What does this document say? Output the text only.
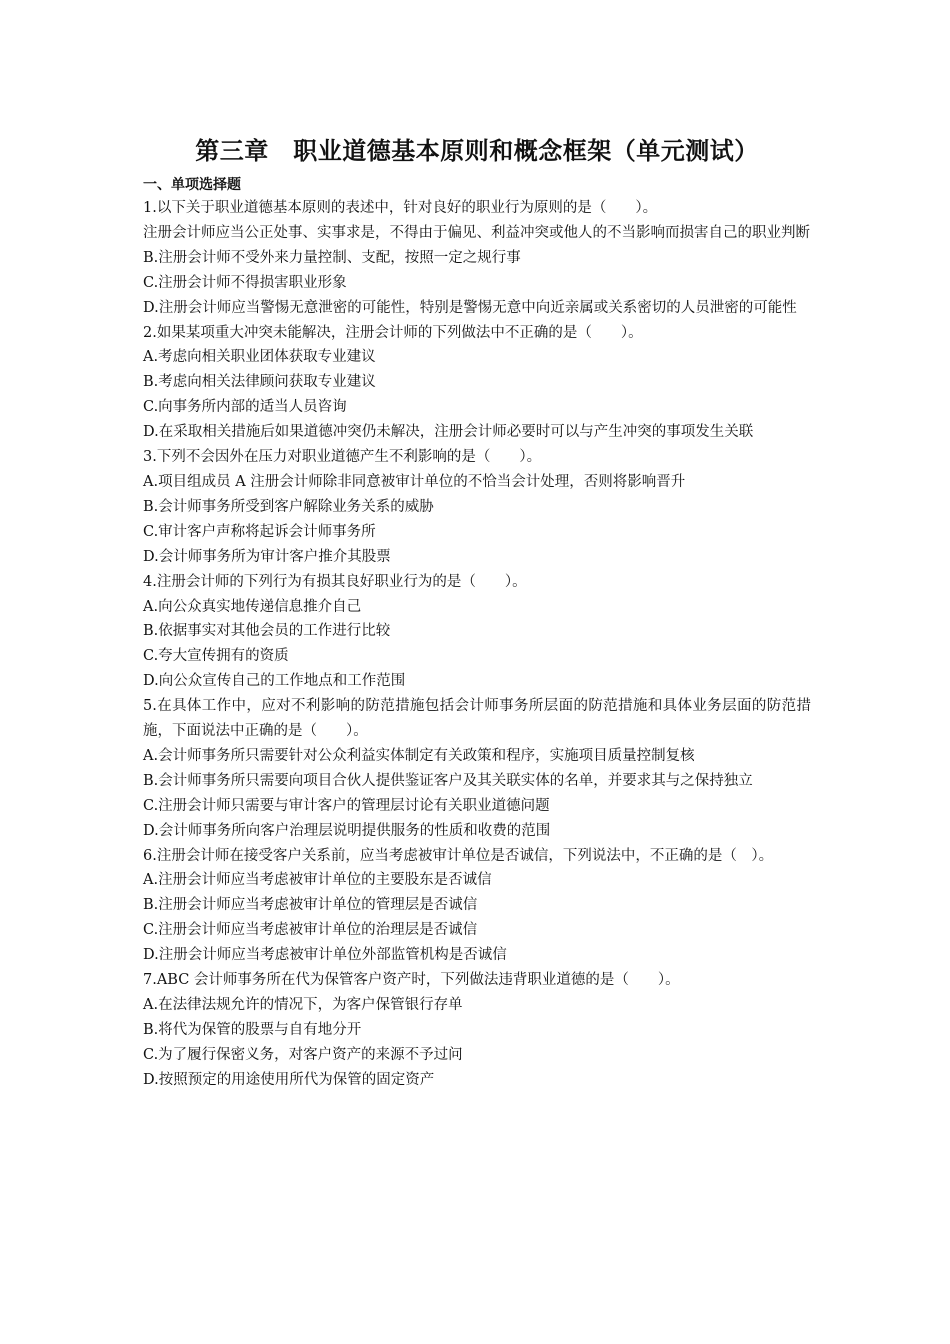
第三章　职业道德基本原则和概念框架（单元测试）
一、单项选择题

1.以下关于职业道德基本原则的表述中，针对良好的职业行为原则的是（　　）。

注册会计师应当公正处事、实事求是，不得由于偏见、利益冲突或他人的不当影响而损害自己的职业判断

B.注册会计师不受外来力量控制、支配，按照一定之规行事

C.注册会计师不得损害职业形象

D.注册会计师应当警惕无意泄密的可能性，特别是警惕无意中向近亲属或关系密切的人员泄密的可能性

2.如果某项重大冲突未能解决，注册会计师的下列做法中不正确的是（　　）。

A.考虑向相关职业团体获取专业建议

B.考虑向相关法律顾问获取专业建议

C.向事务所内部的适当人员咨询

D.在采取相关措施后如果道德冲突仍未解决，注册会计师必要时可以与产生冲突的事项发生关联

3.下列不会因外在压力对职业道德产生不利影响的是（　　）。

A.项目组成员 A 注册会计师除非同意被审计单位的不恰当会计处理，否则将影响晋升

B.会计师事务所受到客户解除业务关系的威胁

C.审计客户声称将起诉会计师事务所

D.会计师事务所为审计客户推介其股票

4.注册会计师的下列行为有损其良好职业行为的是（　　）。

A.向公众真实地传递信息推介自己

B.依据事实对其他会员的工作进行比较

C.夸大宣传拥有的资质

D.向公众宣传自己的工作地点和工作范围

5.在具体工作中，应对不利影响的防范措施包括会计师事务所层面的防范措施和具体业务层面的防范措施，下面说法中正确的是（　　）。

A.会计师事务所只需要针对公众利益实体制定有关政策和程序，实施项目质量控制复核

B.会计师事务所只需要向项目合伙人提供鉴证客户及其关联实体的名单，并要求其与之保持独立

C.注册会计师只需要与审计客户的管理层讨论有关职业道德问题

D.会计师事务所向客户治理层说明提供服务的性质和收费的范围

6.注册会计师在接受客户关系前，应当考虑被审计单位是否诚信，下列说法中，不正确的是（　）。

A.注册会计师应当考虑被审计单位的主要股东是否诚信

B.注册会计师应当考虑被审计单位的管理层是否诚信

C.注册会计师应当考虑被审计单位的治理层是否诚信

D.注册会计师应当考虑被审计单位外部监管机构是否诚信

7.ABC 会计师事务所在代为保管客户资产时，下列做法违背职业道德的是（　　）。

A.在法律法规允许的情况下，为客户保管银行存单

B.将代为保管的股票与自有地分开

C.为了履行保密义务，对客户资产的来源不予过问

D.按照预定的用途使用所代为保管的固定资产
